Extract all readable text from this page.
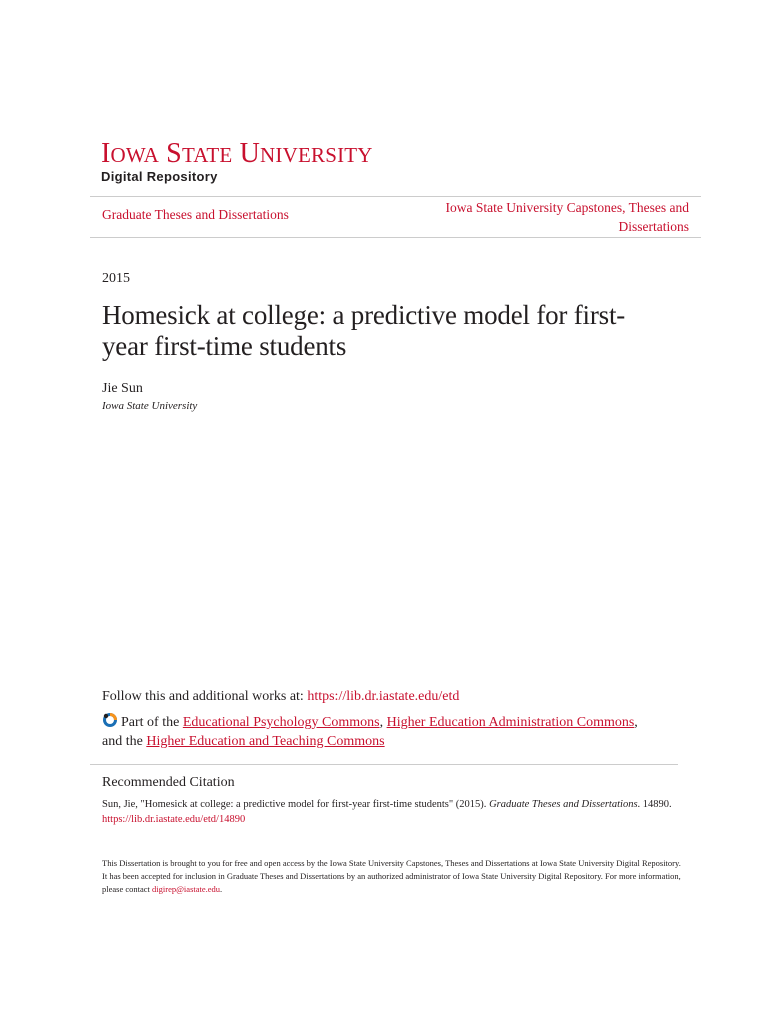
IOWA STATE UNIVERSITY
Digital Repository
Graduate Theses and Dissertations	Iowa State University Capstones, Theses and Dissertations
2015
Homesick at college: a predictive model for first-year first-time students
Jie Sun
Iowa State University
Follow this and additional works at: https://lib.dr.iastate.edu/etd
Part of the Educational Psychology Commons, Higher Education Administration Commons,
and the Higher Education and Teaching Commons
Recommended Citation
Sun, Jie, "Homesick at college: a predictive model for first-year first-time students" (2015). Graduate Theses and Dissertations. 14890.
https://lib.dr.iastate.edu/etd/14890
This Dissertation is brought to you for free and open access by the Iowa State University Capstones, Theses and Dissertations at Iowa State University Digital Repository. It has been accepted for inclusion in Graduate Theses and Dissertations by an authorized administrator of Iowa State University Digital Repository. For more information, please contact digirep@iastate.edu.
